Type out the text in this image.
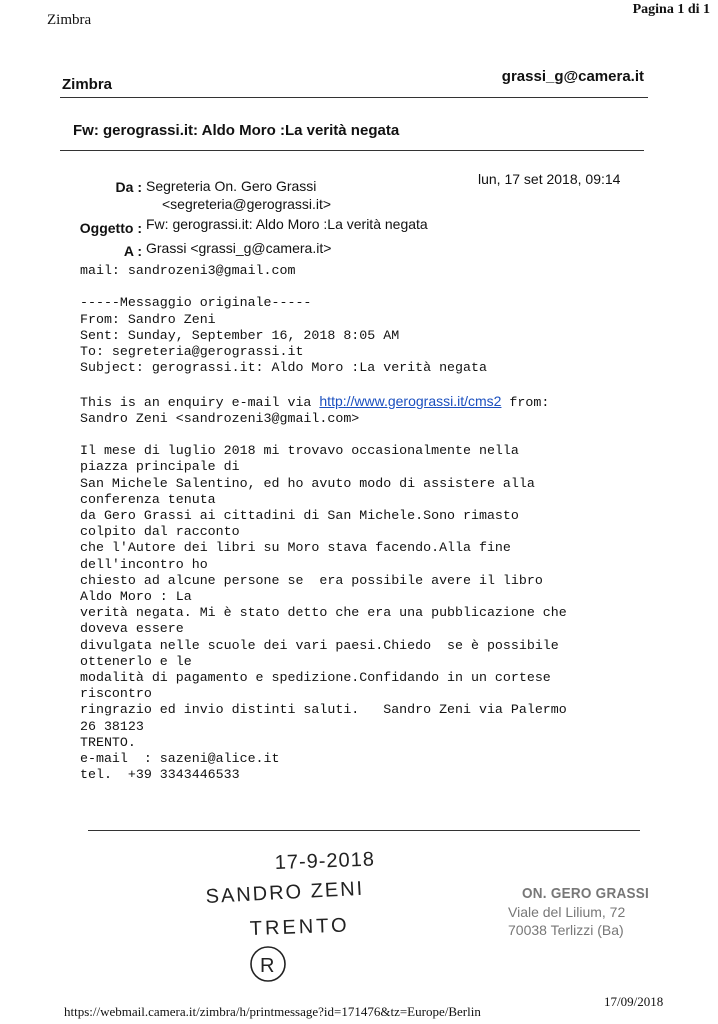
Zimbra
Pagina 1 di 1
Zimbra	grassi_g@camera.it
Fw: gerograssi.it: Aldo Moro :La verità negata
Da : Segreteria On. Gero Grassi
<segreteria@gerograssi.it>
lun, 17 set 2018, 09:14
Oggetto : Fw: gerograssi.it: Aldo Moro :La verità negata
A : Grassi <grassi_g@camera.it>
mail: sandrozeni3@gmail.com

-----Messaggio originale-----
From: Sandro Zeni
Sent: Sunday, September 16, 2018 8:05 AM
To: segreteria@gerograssi.it
Subject: gerograssi.it: Aldo Moro :La verità negata

This is an enquiry e-mail via http://www.gerograssi.it/cms2 from:
Sandro Zeni <sandrozeni3@gmail.com>

Il mese di luglio 2018 mi trovavo occasionalmente nella
piazza principale di
San Michele Salentino, ed ho avuto modo di assistere alla
conferenza tenuta
da Gero Grassi ai cittadini di San Michele.Sono rimasto
colpito dal racconto
che l'Autore dei libri su Moro stava facendo.Alla fine
dell'incontro ho
chiesto ad alcune persone se  era possibile avere il libro
Aldo Moro : La
verità negata. Mi è stato detto che era una pubblicazione che
doveva essere
divulgata nelle scuole dei vari paesi.Chiedo  se è possibile
ottenerlo e le
modalità di pagamento e spedizione.Confidando in un cortese
riscontro
ringrazio ed invio distinti saluti.   Sandro Zeni via Palermo
26 38123
TRENTO.
e-mail  : sazeni@alice.it
tel.  +39 3343446533
17-9-2018
SANDRO ZENI
TRENTO
R
ON. GERO GRASSI
Viale del Lilium, 72
70038 Terlizzi (Ba)
https://webmail.camera.it/zimbra/h/printmessage?id=171476&tz=Europe/Berlin
17/09/2018
